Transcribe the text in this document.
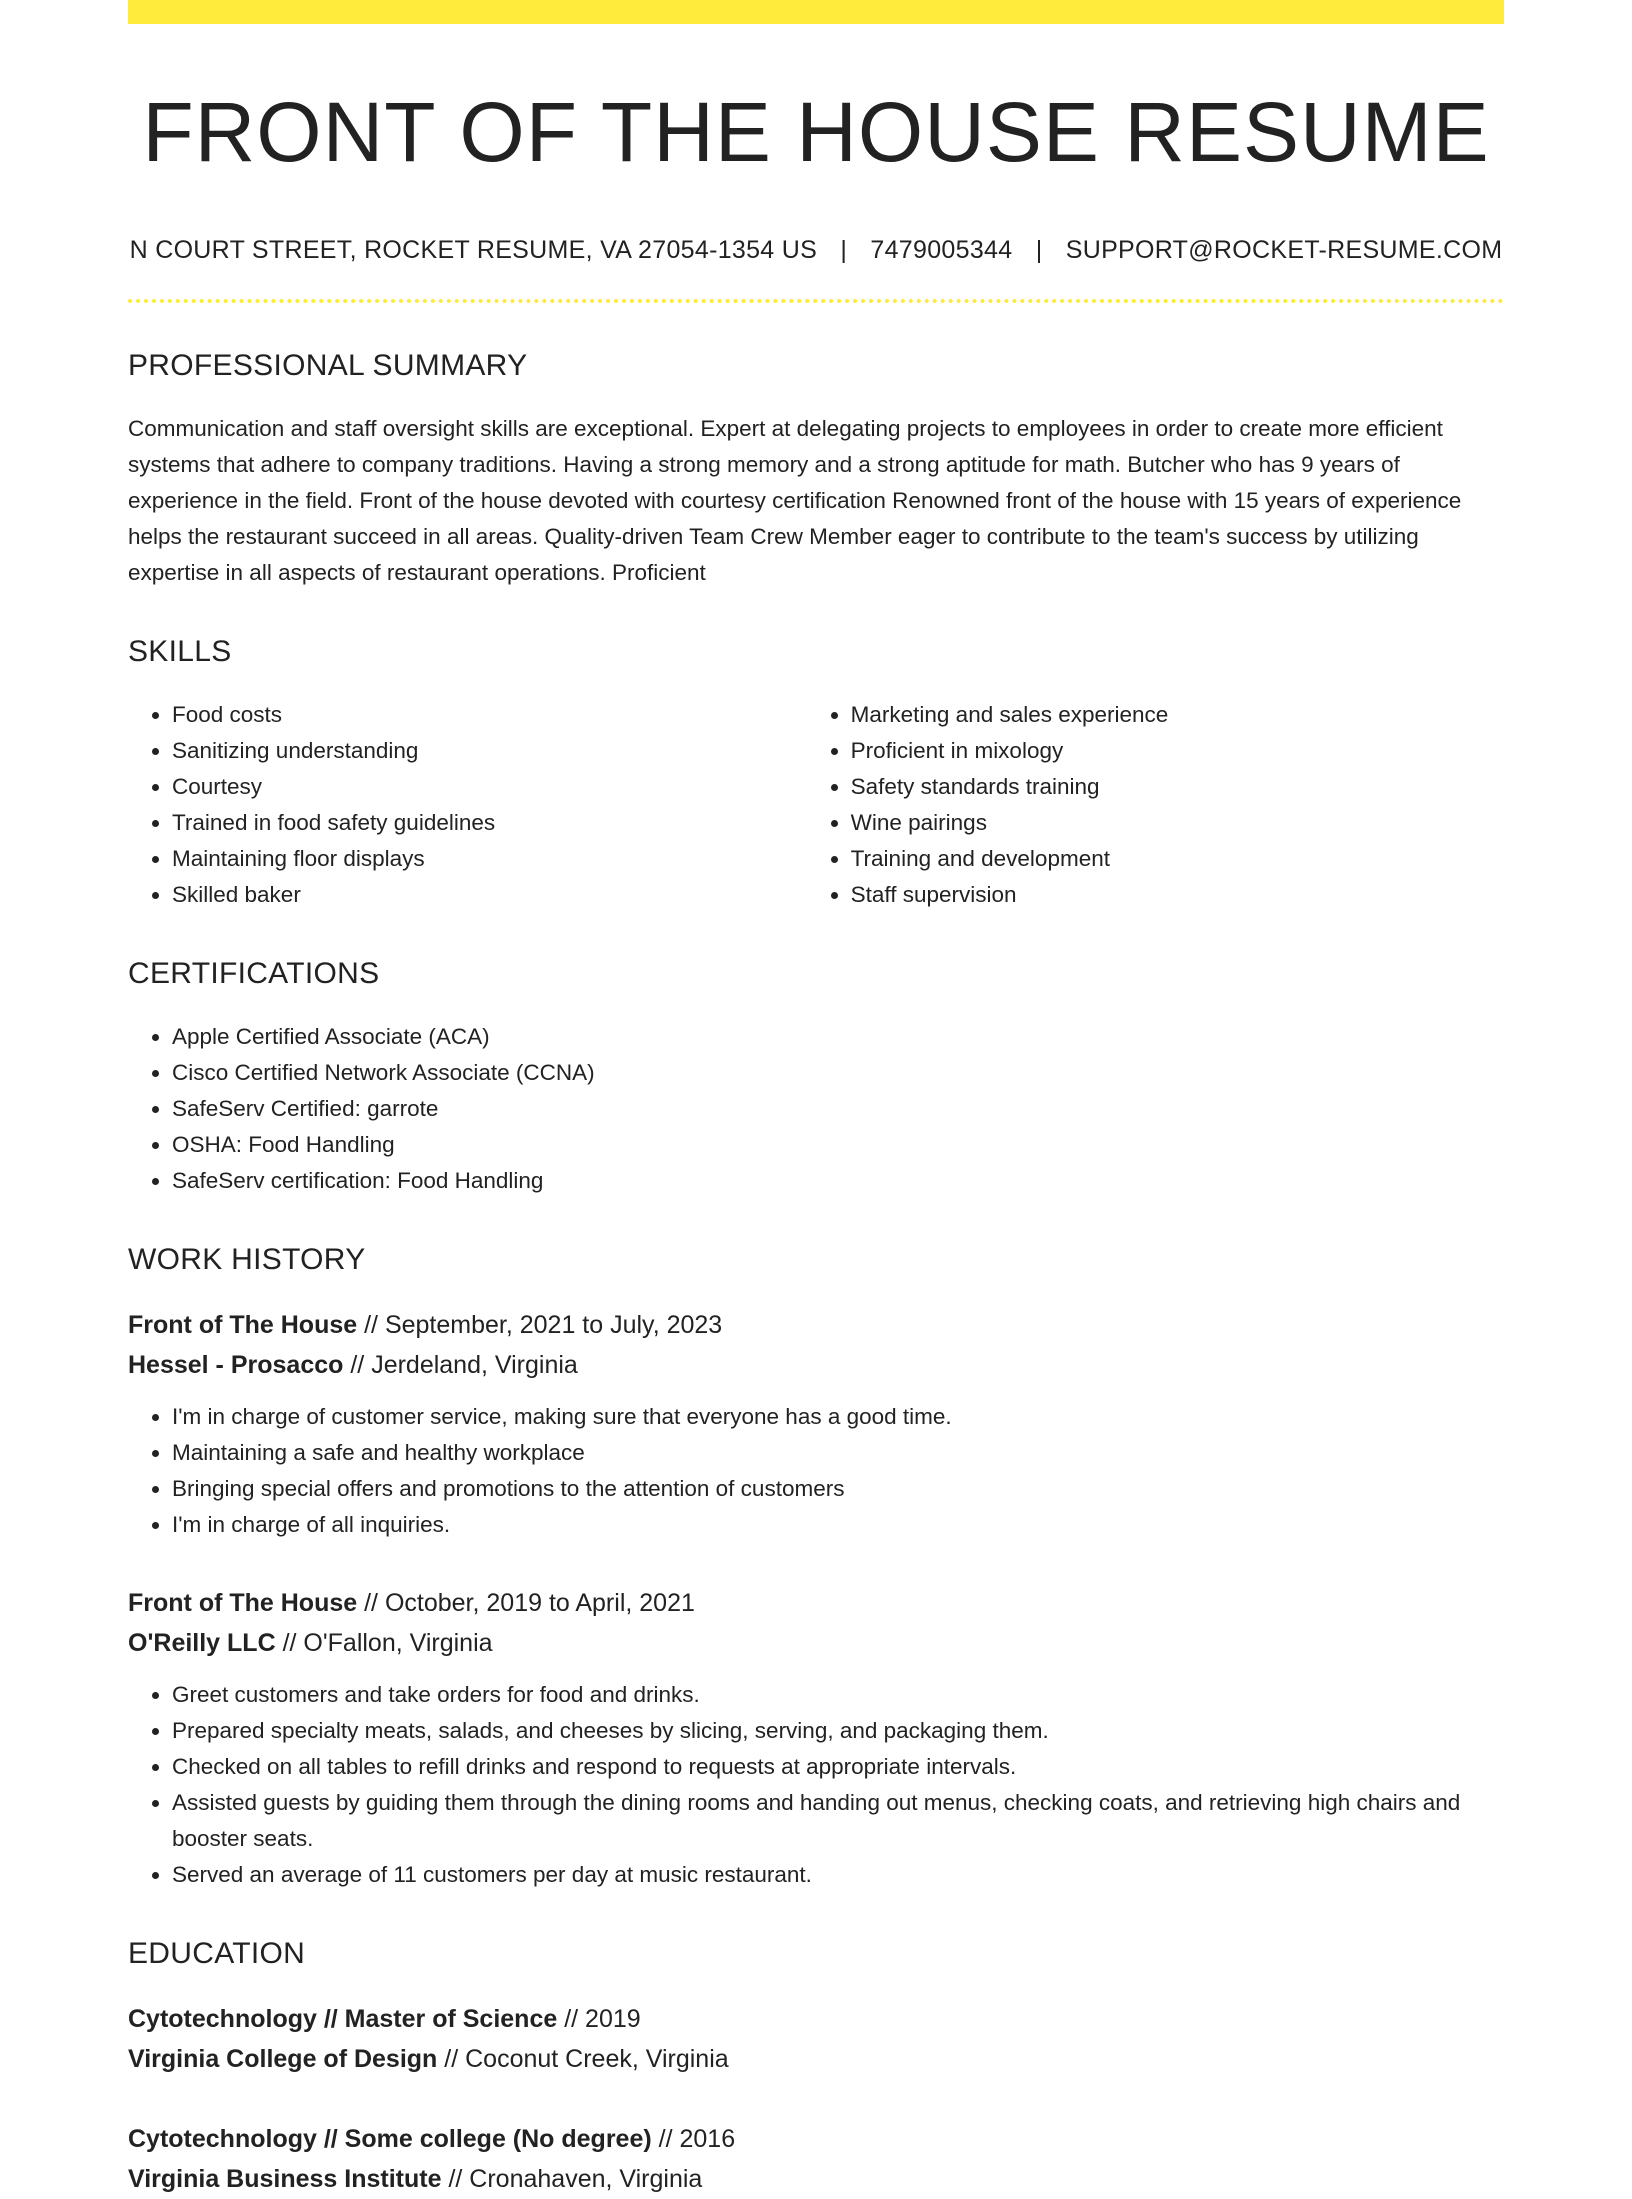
FRONT OF THE HOUSE RESUME
N COURT STREET, ROCKET RESUME, VA 27054-1354 US | 7479005344 | SUPPORT@ROCKET-RESUME.COM
PROFESSIONAL SUMMARY

Communication and staff oversight skills are exceptional. Expert at delegating projects to employees in order to create more efficient systems that adhere to company traditions. Having a strong memory and a strong aptitude for math. Butcher who has 9 years of experience in the field. Front of the house devoted with courtesy certification Renowned front of the house with 15 years of experience helps the restaurant succeed in all areas. Quality-driven Team Crew Member eager to contribute to the team's success by utilizing expertise in all aspects of restaurant operations. Proficient

SKILLS
• Food costs
• Sanitizing understanding
• Courtesy
• Trained in food safety guidelines
• Maintaining floor displays
• Skilled baker
• Marketing and sales experience
• Proficient in mixology
• Safety standards training
• Wine pairings
• Training and development
• Staff supervision
CERTIFICATIONS
• Apple Certified Associate (ACA)
• Cisco Certified Network Associate (CCNA)
• SafeServ Certified: garrote
• OSHA: Food Handling
• SafeServ certification: Food Handling
WORK HISTORY
Front of The House // September, 2021 to July, 2023
Hessel - Prosacco // Jerdeland, Virginia
• I'm in charge of customer service, making sure that everyone has a good time.
• Maintaining a safe and healthy workplace
• Bringing special offers and promotions to the attention of customers
• I'm in charge of all inquiries.
Front of The House // October, 2019 to April, 2021
O'Reilly LLC // O'Fallon, Virginia
• Greet customers and take orders for food and drinks.
• Prepared specialty meats, salads, and cheeses by slicing, serving, and packaging them.
• Checked on all tables to refill drinks and respond to requests at appropriate intervals.
• Assisted guests by guiding them through the dining rooms and handing out menus, checking coats, and retrieving high chairs and booster seats.
• Served an average of 11 customers per day at music restaurant.
EDUCATION
Cytotechnology // Master of Science // 2019
Virginia College of Design // Coconut Creek, Virginia
Cytotechnology // Some college (No degree) // 2016
Virginia Business Institute // Cronahaven, Virginia
